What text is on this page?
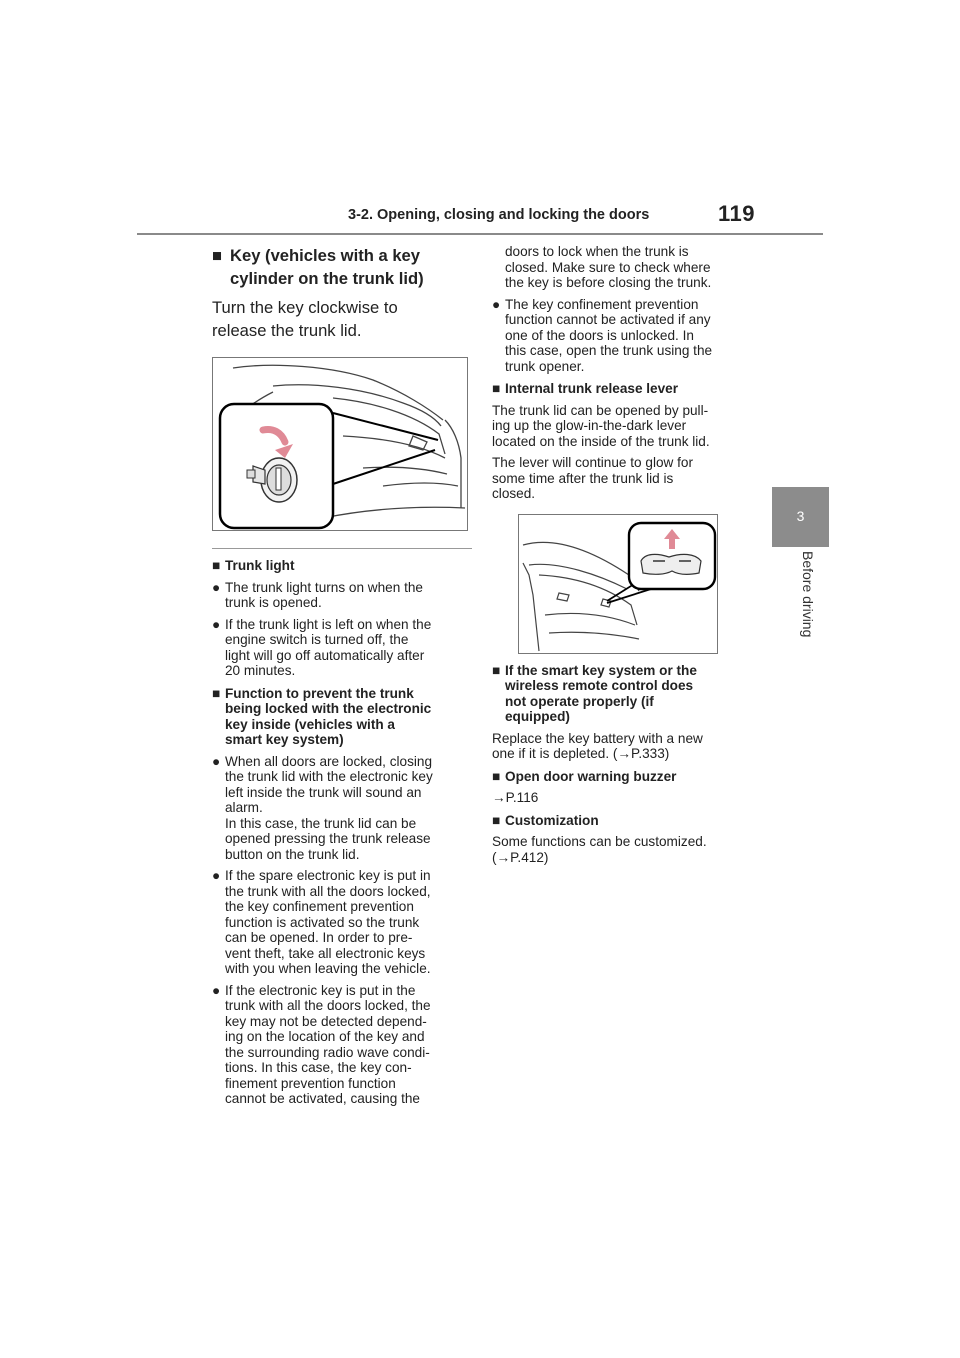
3-2. Opening, closing and locking the doors	119
3
Before driving
■ Key (vehicles with a key
cylinder on the trunk lid)
Turn the key clockwise to
release the trunk lid.
■ Trunk light
● The trunk light turns on when the
trunk is opened.
● If the trunk light is left on when the
engine switch is turned off, the
light will go off automatically after
20 minutes.
■ Function to prevent the trunk
being locked with the electronic
key inside (vehicles with a
smart key system)
● When all doors are locked, closing
the trunk lid with the electronic key
left inside the trunk will sound an
alarm.
In this case, the trunk lid can be
opened pressing the trunk release
button on the trunk lid.
● If the spare electronic key is put in
the trunk with all the doors locked,
the key confinement prevention
function is activated so the trunk
can be opened. In order to pre-
vent theft, take all electronic keys
with you when leaving the vehicle.
● If the electronic key is put in the
trunk with all the doors locked, the
key may not be detected depend-
ing on the location of the key and
the surrounding radio wave condi-
tions. In this case, the key con-
finement prevention function
cannot be activated, causing the
doors to lock when the trunk is
closed. Make sure to check where
the key is before closing the trunk.
● The key confinement prevention
function cannot be activated if any
one of the doors is unlocked. In
this case, open the trunk using the
trunk opener.
■ Internal trunk release lever
The trunk lid can be opened by pull-
ing up the glow-in-the-dark lever
located on the inside of the trunk lid.
The lever will continue to glow for
some time after the trunk lid is
closed.
■ If the smart key system or the
wireless remote control does
not operate properly (if
equipped)
Replace the key battery with a new
one if it is depleted. (→P.333)
■ Open door warning buzzer
→P.116
■ Customization
Some functions can be customized.
(→P.412)
